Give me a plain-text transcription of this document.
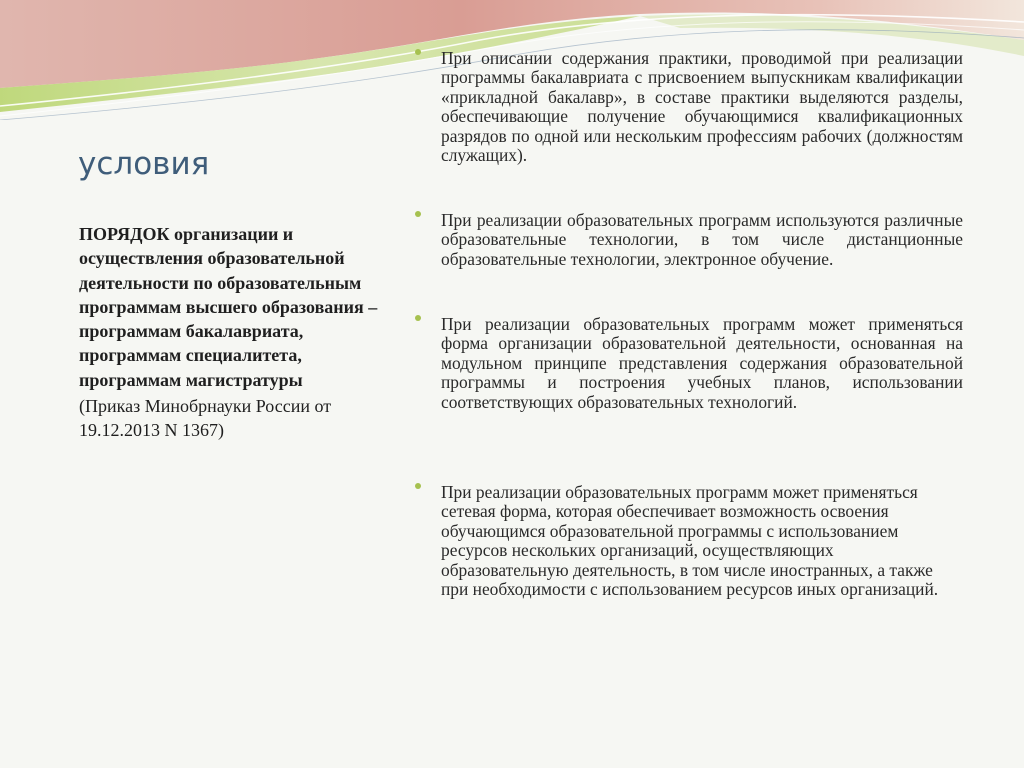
условия

ПОРЯДОК организации и осуществления образовательной деятельности по образовательным программам высшего образования – программам бакалавриата, программам специалитета, программам магистратуры

(Приказ Минобрнауки России от 19.12.2013 N 1367)

При описании содержания практики, проводимой при реализации программы бакалавриата с присвоением выпускникам квалификации «прикладной бакалавр», в составе практики выделяются разделы, обеспечивающие получение обучающимися квалификационных разрядов по одной или нескольким профессиям рабочих (должностям служащих).

При реализации образовательных программ используются различные образовательные технологии, в том числе дистанционные образовательные технологии, электронное обучение.

При реализации образовательных программ может применяться форма организации образовательной деятельности, основанная на модульном принципе представления содержания образовательной программы и построения учебных планов, использовании соответствующих образовательных технологий.

При реализации образовательных программ может применяться сетевая форма, которая обеспечивает возможность освоения обучающимся образовательной программы с использованием ресурсов нескольких организаций, осуществляющих образовательную деятельность, в том числе иностранных, а также при необходимости с использованием ресурсов иных организаций.
